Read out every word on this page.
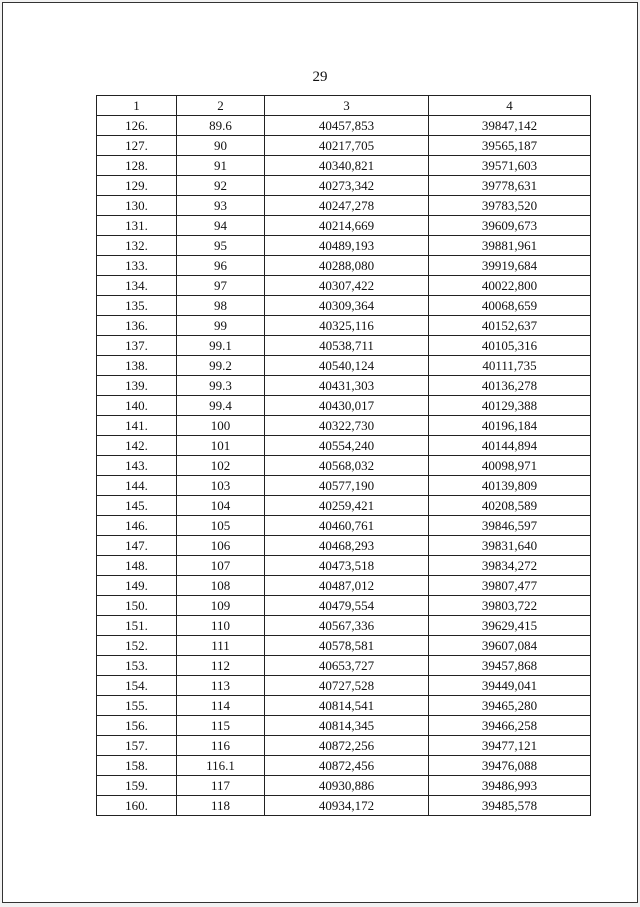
29
1	2	3	4
126.	89.6	40457,853	39847,142
127.	90	40217,705	39565,187
128.	91	40340,821	39571,603
129.	92	40273,342	39778,631
130.	93	40247,278	39783,520
131.	94	40214,669	39609,673
132.	95	40489,193	39881,961
133.	96	40288,080	39919,684
134.	97	40307,422	40022,800
135.	98	40309,364	40068,659
136.	99	40325,116	40152,637
137.	99.1	40538,711	40105,316
138.	99.2	40540,124	40111,735
139.	99.3	40431,303	40136,278
140.	99.4	40430,017	40129,388
141.	100	40322,730	40196,184
142.	101	40554,240	40144,894
143.	102	40568,032	40098,971
144.	103	40577,190	40139,809
145.	104	40259,421	40208,589
146.	105	40460,761	39846,597
147.	106	40468,293	39831,640
148.	107	40473,518	39834,272
149.	108	40487,012	39807,477
150.	109	40479,554	39803,722
151.	110	40567,336	39629,415
152.	111	40578,581	39607,084
153.	112	40653,727	39457,868
154.	113	40727,528	39449,041
155.	114	40814,541	39465,280
156.	115	40814,345	39466,258
157.	116	40872,256	39477,121
158.	116.1	40872,456	39476,088
159.	117	40930,886	39486,993
160.	118	40934,172	39485,578
